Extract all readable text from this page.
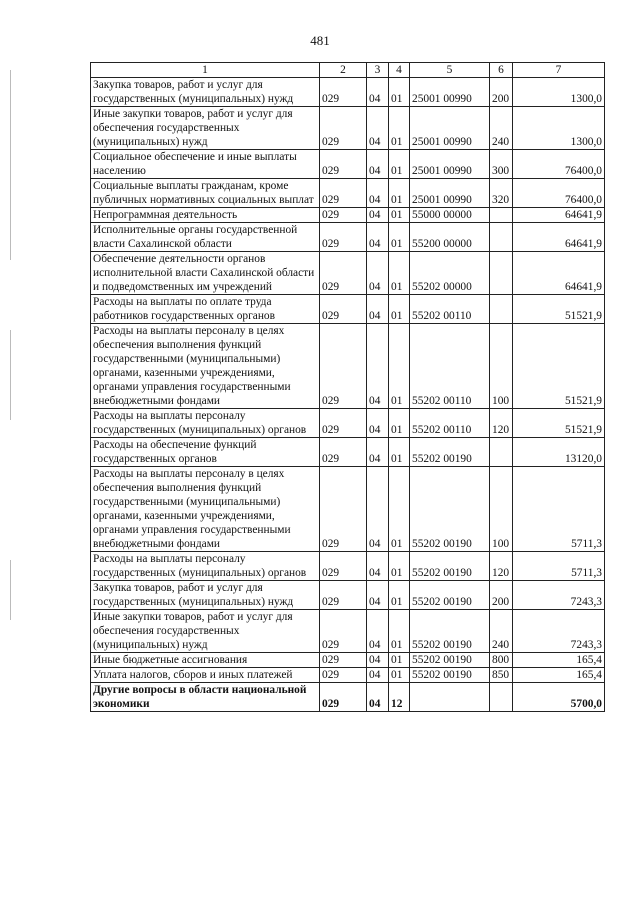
481
1	2	3	4	5	6	7
Закупка товаров, работ и услуг для государственных (муниципальных) нужд	029	04	01	25001 00990	200	1300,0
Иные закупки товаров, работ и услуг для обеспечения государственных (муниципальных) нужд	029	04	01	25001 00990	240	1300,0
Социальное обеспечение и иные выплаты населению	029	04	01	25001 00990	300	76400,0
Социальные выплаты гражданам, кроме публичных нормативных социальных выплат	029	04	01	25001 00990	320	76400,0
Непрограммная деятельность	029	04	01	55000 00000		64641,9
Исполнительные органы государственной власти Сахалинской области	029	04	01	55200 00000		64641,9
Обеспечение деятельности органов исполнительной власти Сахалинской области и подведомственных им учреждений	029	04	01	55202 00000		64641,9
Расходы на выплаты по оплате труда работников государственных органов	029	04	01	55202 00110		51521,9
Расходы на выплаты персоналу в целях обеспечения выполнения функций государственными (муниципальными) органами, казенными учреждениями, органами управления государственными внебюджетными фондами	029	04	01	55202 00110	100	51521,9
Расходы на выплаты персоналу государственных (муниципальных) органов	029	04	01	55202 00110	120	51521,9
Расходы на обеспечение функций государственных органов	029	04	01	55202 00190		13120,0
Расходы на выплаты персоналу в целях обеспечения выполнения функций государственными (муниципальными) органами, казенными учреждениями, органами управления государственными внебюджетными фондами	029	04	01	55202 00190	100	5711,3
Расходы на выплаты персоналу государственных (муниципальных) органов	029	04	01	55202 00190	120	5711,3
Закупка товаров, работ и услуг для государственных (муниципальных) нужд	029	04	01	55202 00190	200	7243,3
Иные закупки товаров, работ и услуг для обеспечения государственных (муниципальных) нужд	029	04	01	55202 00190	240	7243,3
Иные бюджетные ассигнования	029	04	01	55202 00190	800	165,4
Уплата налогов, сборов и иных платежей	029	04	01	55202 00190	850	165,4
Другие вопросы в области национальной экономики	029	04	12			5700,0
